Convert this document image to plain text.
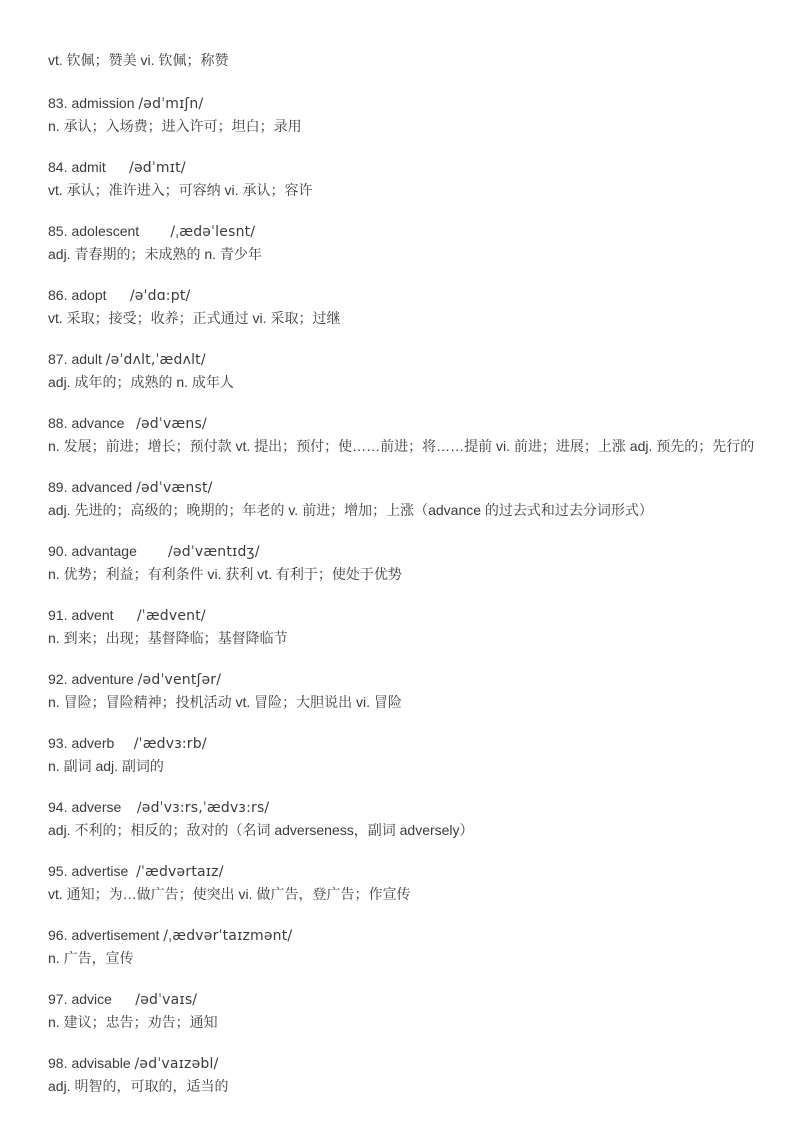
vt. 钦佩；赞美 vi. 钦佩；称赞
83. admission /ədˈmɪʃn/
n. 承认；入场费；进入许可；坦白；录用
84. admit /ədˈmɪt/
vt. 承认；准许进入；可容纳 vi. 承认；容许
85. adolescent /ˌædəˈlesnt/
adj. 青春期的；未成熟的 n. 青少年
86. adopt /əˈdɑ:pt/
vt. 采取；接受；收养；正式通过 vi. 采取；过继
87. adult /əˈdʌlt,ˈædʌlt/
adj. 成年的；成熟的 n. 成年人
88. advance /ədˈvæns/
n. 发展；前进；增长；预付款 vt. 提出；预付；使……前进；将……提前 vi. 前进；进展；上涨 adj. 预先的；先行的
89. advanced /ədˈvænst/
adj. 先进的；高级的；晚期的；年老的 v. 前进；增加；上涨（advance 的过去式和过去分词形式）
90. advantage /ədˈvæntɪdʒ/
n. 优势；利益；有利条件 vi. 获利 vt. 有利于；使处于优势
91. advent /ˈædvent/
n. 到来；出现；基督降临；基督降临节
92. adventure /ədˈventʃər/
n. 冒险；冒险精神；投机活动 vt. 冒险；大胆说出 vi. 冒险
93. adverb /ˈædvɜ:rb/
n. 副词 adj. 副词的
94. adverse /ədˈvɜ:rs,ˈædvɜ:rs/
adj. 不利的；相反的；敌对的（名词 adverseness，副词 adversely）
95. advertise /ˈædvərtaɪz/
vt. 通知；为…做广告；使突出 vi. 做广告，登广告；作宣传
96. advertisement /ˌædvərˈtaɪzmənt/
n. 广告，宣传
97. advice /ədˈvaɪs/
n. 建议；忠告；劝告；通知
98. advisable /ədˈvaɪzəbl/
adj. 明智的，可取的，适当的
